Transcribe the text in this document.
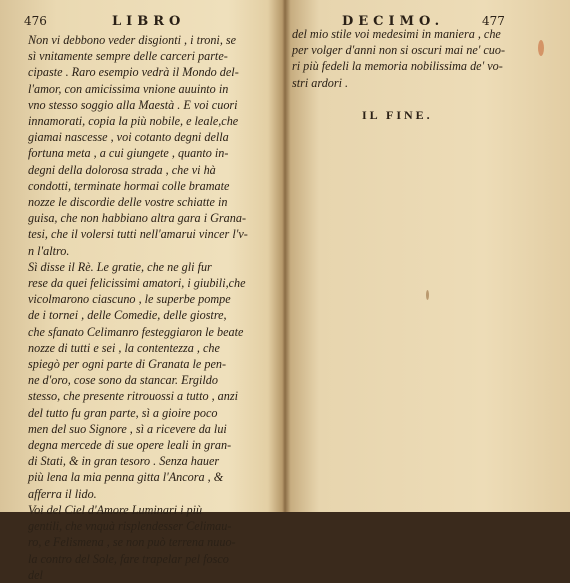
476	LIBRO
Non vi debbono veder disgionti , i troni, se
sì vnitamente sempre delle carceri parte-
cipaste . Raro esempio vedrà il Mondo del-
l'amor, con amicissima vnione auuinto in
vno stesso soggio alla Maestà . E voi cuori
innamorati, copia la più nobile, e leale,che
giamai nascesse , voi cotanto degni della
fortuna meta , a cui giungete , quanto in-
degni della dolorosa strada , che vi hà
condotti, terminate hormai colle bramate
nozze le discordie delle vostre schiatte in
guisa, che non habbiano altra gara i Grana-
tesi, che il volersi tutti nell'amarui vincer l'v-
n l'altro.
Sì disse il Rè. Le gratie, che ne gli fur
rese da quei felicissimi amatori, i giubili,che
vicolmarono ciascuno , le superbe pompe
de i tornei , delle Comedie, delle giostre,
che sfanato Celimanro festeggiaron le beate
nozze di tutti e sei , la contentezza , che
spiegò per ogni parte di Granata le pen-
ne d'oro, cose sono da stancar. Ergildo
stesso, che presente ritrouossi a tutto , anzi
del tutto fu gran parte, sì a gioire poco
men del suo Signore , sì a ricevere da lui
degna mercede di sue opere leali in gran-
di Stati, & in gran tesoro . Senza hauer
più lena la mia penna gitta l'Ancora , &
afferra il lido.
Voi del Ciel d'Amore Luminari i più
gentili, che vnquà risplendesser Celimau-
ro, e Felismena , se non può terrena nuuo-
la contro del Sole, fare trapelar pel fosco
del
DECIMO.	477
del mio stile voi medesimi in maniera , che
per volger d'anni non si oscuri mai ne' cuo-
ri più fedeli la memoria nobilissima de' vo-
stri ardori .
IL FINE.
